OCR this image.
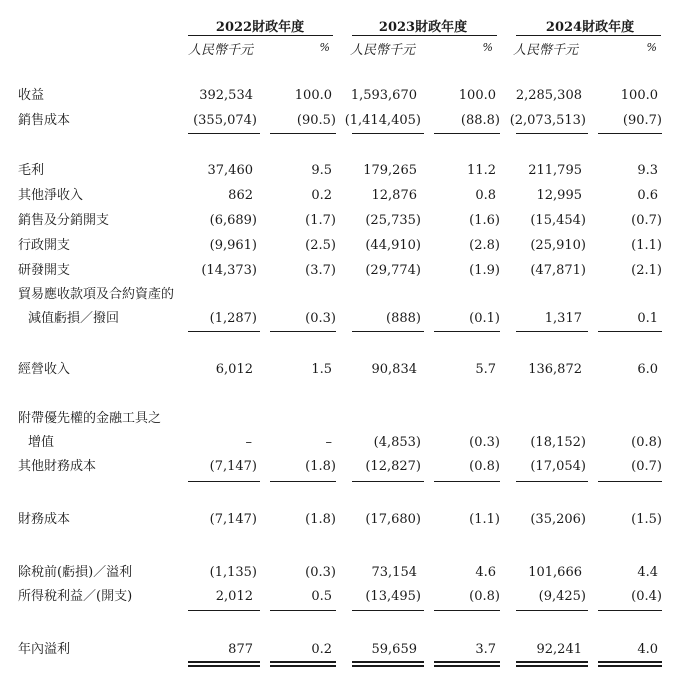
2022財政年度	2023財政年度	2024財政年度
人民幣千元	% 人民幣千元	% 人民幣千元	%
收益	392,534	100.0	1,593,670	100.0	2,285,308	100.0
銷售成本	(355,074)	(90.5) (1,414,405)	(88.8) (2,073,513)	(90.7)
毛利	37,460	9.5	179,265	11.2	211,795	9.3
其他淨收入	862	0.2	12,876	0.8	12,995	0.6
銷售及分銷開支	(6,689)	(1.7)	(25,735)	(1.6)	(15,454)	(0.7)
行政開支	(9,961)	(2.5)	(44,910)	(2.8)	(25,910)	(1.1)
研發開支	(14,373)	(3.7)	(29,774)	(1.9)	(47,871)	(2.1)
貿易應收款項及合約資產的
減值虧損／撥回	(1,287)	(0.3)	(888)	(0.1)	1,317	0.1
經營收入	6,012	1.5	90,834	5.7	136,872	6.0
附帶優先權的金融工具之
增值	–	–	(4,853)	(0.3)	(18,152)	(0.8)
其他財務成本	(7,147)	(1.8)	(12,827)	(0.8)	(17,054)	(0.7)
財務成本	(7,147)	(1.8)	(17,680)	(1.1)	(35,206)	(1.5)
除稅前(虧損)／溢利	(1,135)	(0.3)	73,154	4.6	101,666	4.4
所得稅利益／(開支)	2,012	0.5	(13,495)	(0.8)	(9,425)	(0.4)
年內溢利	877	0.2	59,659	3.7	92,241	4.0
